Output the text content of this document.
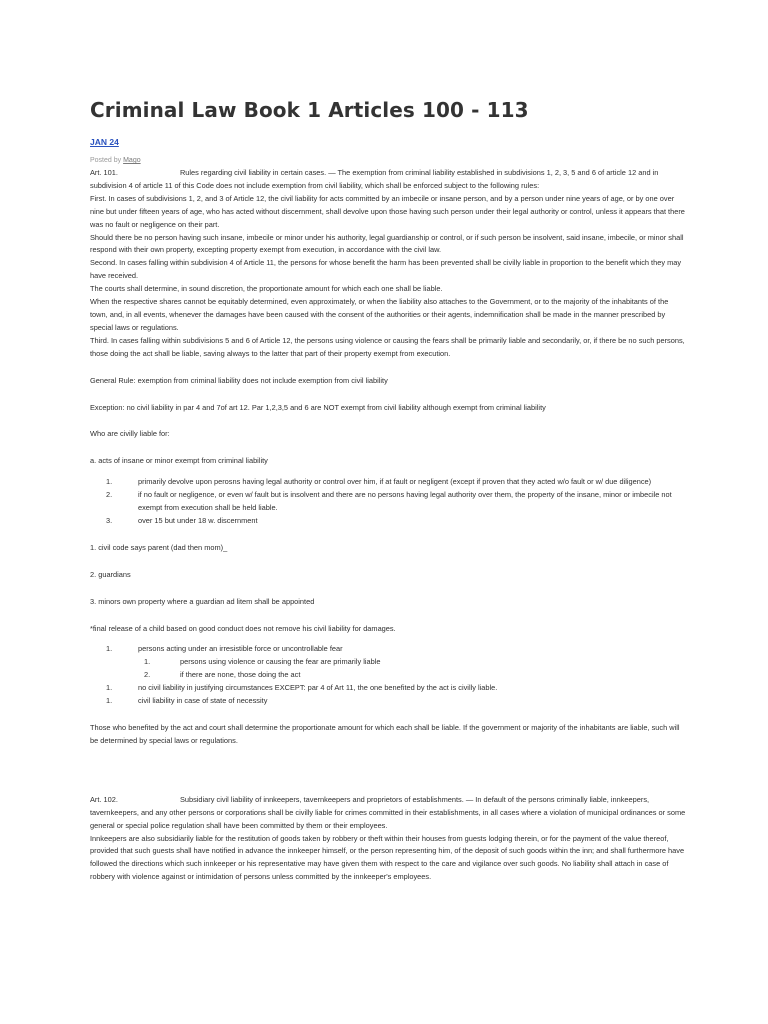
Criminal Law Book 1 Articles 100 - 113
JAN 24
Posted by Mago

Art. 101.	Rules regarding civil liability in certain cases. — The exemption from criminal liability established in subdivisions 1, 2, 3, 5 and 6 of article 12 and in subdivision 4 of article 11 of this Code does not include exemption from civil liability, which shall be enforced subject to the following rules:

First. In cases of subdivisions 1, 2, and 3 of Article 12, the civil liability for acts committed by an imbecile or insane person, and by a person under nine years of age, or by one over nine but under fifteen years of age, who has acted without discernment, shall devolve upon those having such person under their legal authority or control, unless it appears that there was no fault or negligence on their part.

Should there be no person having such insane, imbecile or minor under his authority, legal guardianship or control, or if such person be insolvent, said insane, imbecile, or minor shall respond with their own property, excepting property exempt from execution, in accordance with the civil law.

Second. In cases falling within subdivision 4 of Article 11, the persons for whose benefit the harm has been prevented shall be civilly liable in proportion to the benefit which they may have received.

The courts shall determine, in sound discretion, the proportionate amount for which each one shall be liable.

When the respective shares cannot be equitably determined, even approximately, or when the liability also attaches to the Government, or to the majority of the inhabitants of the town, and, in all events, whenever the damages have been caused with the consent of the authorities or their agents, indemnification shall be made in the manner prescribed by special laws or regulations.

Third. In cases falling within subdivisions 5 and 6 of Article 12, the persons using violence or causing the fears shall be primarily liable and secondarily, or, if there be no such persons, those doing the act shall be liable, saving always to the latter that part of their property exempt from execution.

General Rule: exemption from criminal liability does not include exemption from civil liability

Exception: no civil liability in par 4 and 7of art 12. Par 1,2,3,5 and 6 are NOT exempt from civil liability although exempt from criminal liability

Who are civilly liable for:

a. acts of insane or minor exempt from criminal liability

1.	primarily devolve upon perosns having legal authority or control over him, if at fault or negligent (except if proven that they acted w/o fault or w/ due diligence)
2.	if no fault or negligence, or even w/ fault but is insolvent and there are no persons having legal authority over them, the property of the insane, minor or imbecile not exempt from execution shall be held liable.
3.	over 15 but under 18 w. discernment

1. civil code says parent (dad then mom)_

2. guardians

3. minors own property where a guardian ad litem shall be appointed

*final release of a child based on good conduct does not remove his civil liability for damages.

1.	persons acting under an irresistible force or uncontrollable fear
1.	persons using violence or causing the fear are primarily liable
2.	if there are none, those doing the act
1.	no civil liability in justifying circumstances EXCEPT: par 4 of Art 11, the one benefited by the act is civilly liable.
1.	civil liability in case of state of necessity

Those who benefited by the act and court shall determine the proportionate amount for which each shall be liable. If the government or majority of the inhabitants are liable, such will be determined by special laws or regulations.

Art. 102.	Subsidiary civil liability of innkeepers, tavernkeepers and proprietors of establishments. — In default of the persons criminally liable, innkeepers, tavernkeepers, and any other persons or corporations shall be civilly liable for crimes committed in their establishments, in all cases where a violation of municipal ordinances or some general or special police regulation shall have been committed by them or their employees.

Innkeepers are also subsidiarily liable for the restitution of goods taken by robbery or theft within their houses from guests lodging therein, or for the payment of the value thereof, provided that such guests shall have notified in advance the innkeeper himself, or the person representing him, of the deposit of such goods within the inn; and shall furthermore have followed the directions which such innkeeper or his representative may have given them with respect to the care and vigilance over such goods. No liability shall attach in case of robbery with violence against or intimidation of persons unless committed by the innkeeper's employees.
